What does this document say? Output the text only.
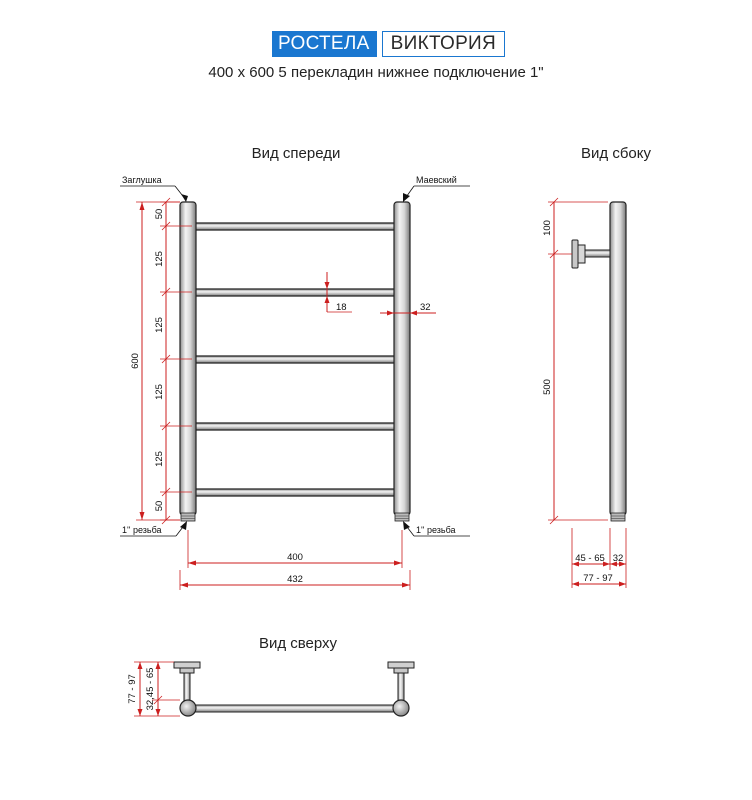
РОСТЕЛА	ВИКТОРИЯ
400 x 600 5 перекладин нижнее подключение 1"
Вид спереди	Вид сбоку
Вид сверху
Заглушка	Маевский
1'' резьба	1'' резьба
600
50
125
125
125
125
50
18	32
400
432
100
500
45 - 65 32
77 - 97
77 - 97 32,45 - 65
